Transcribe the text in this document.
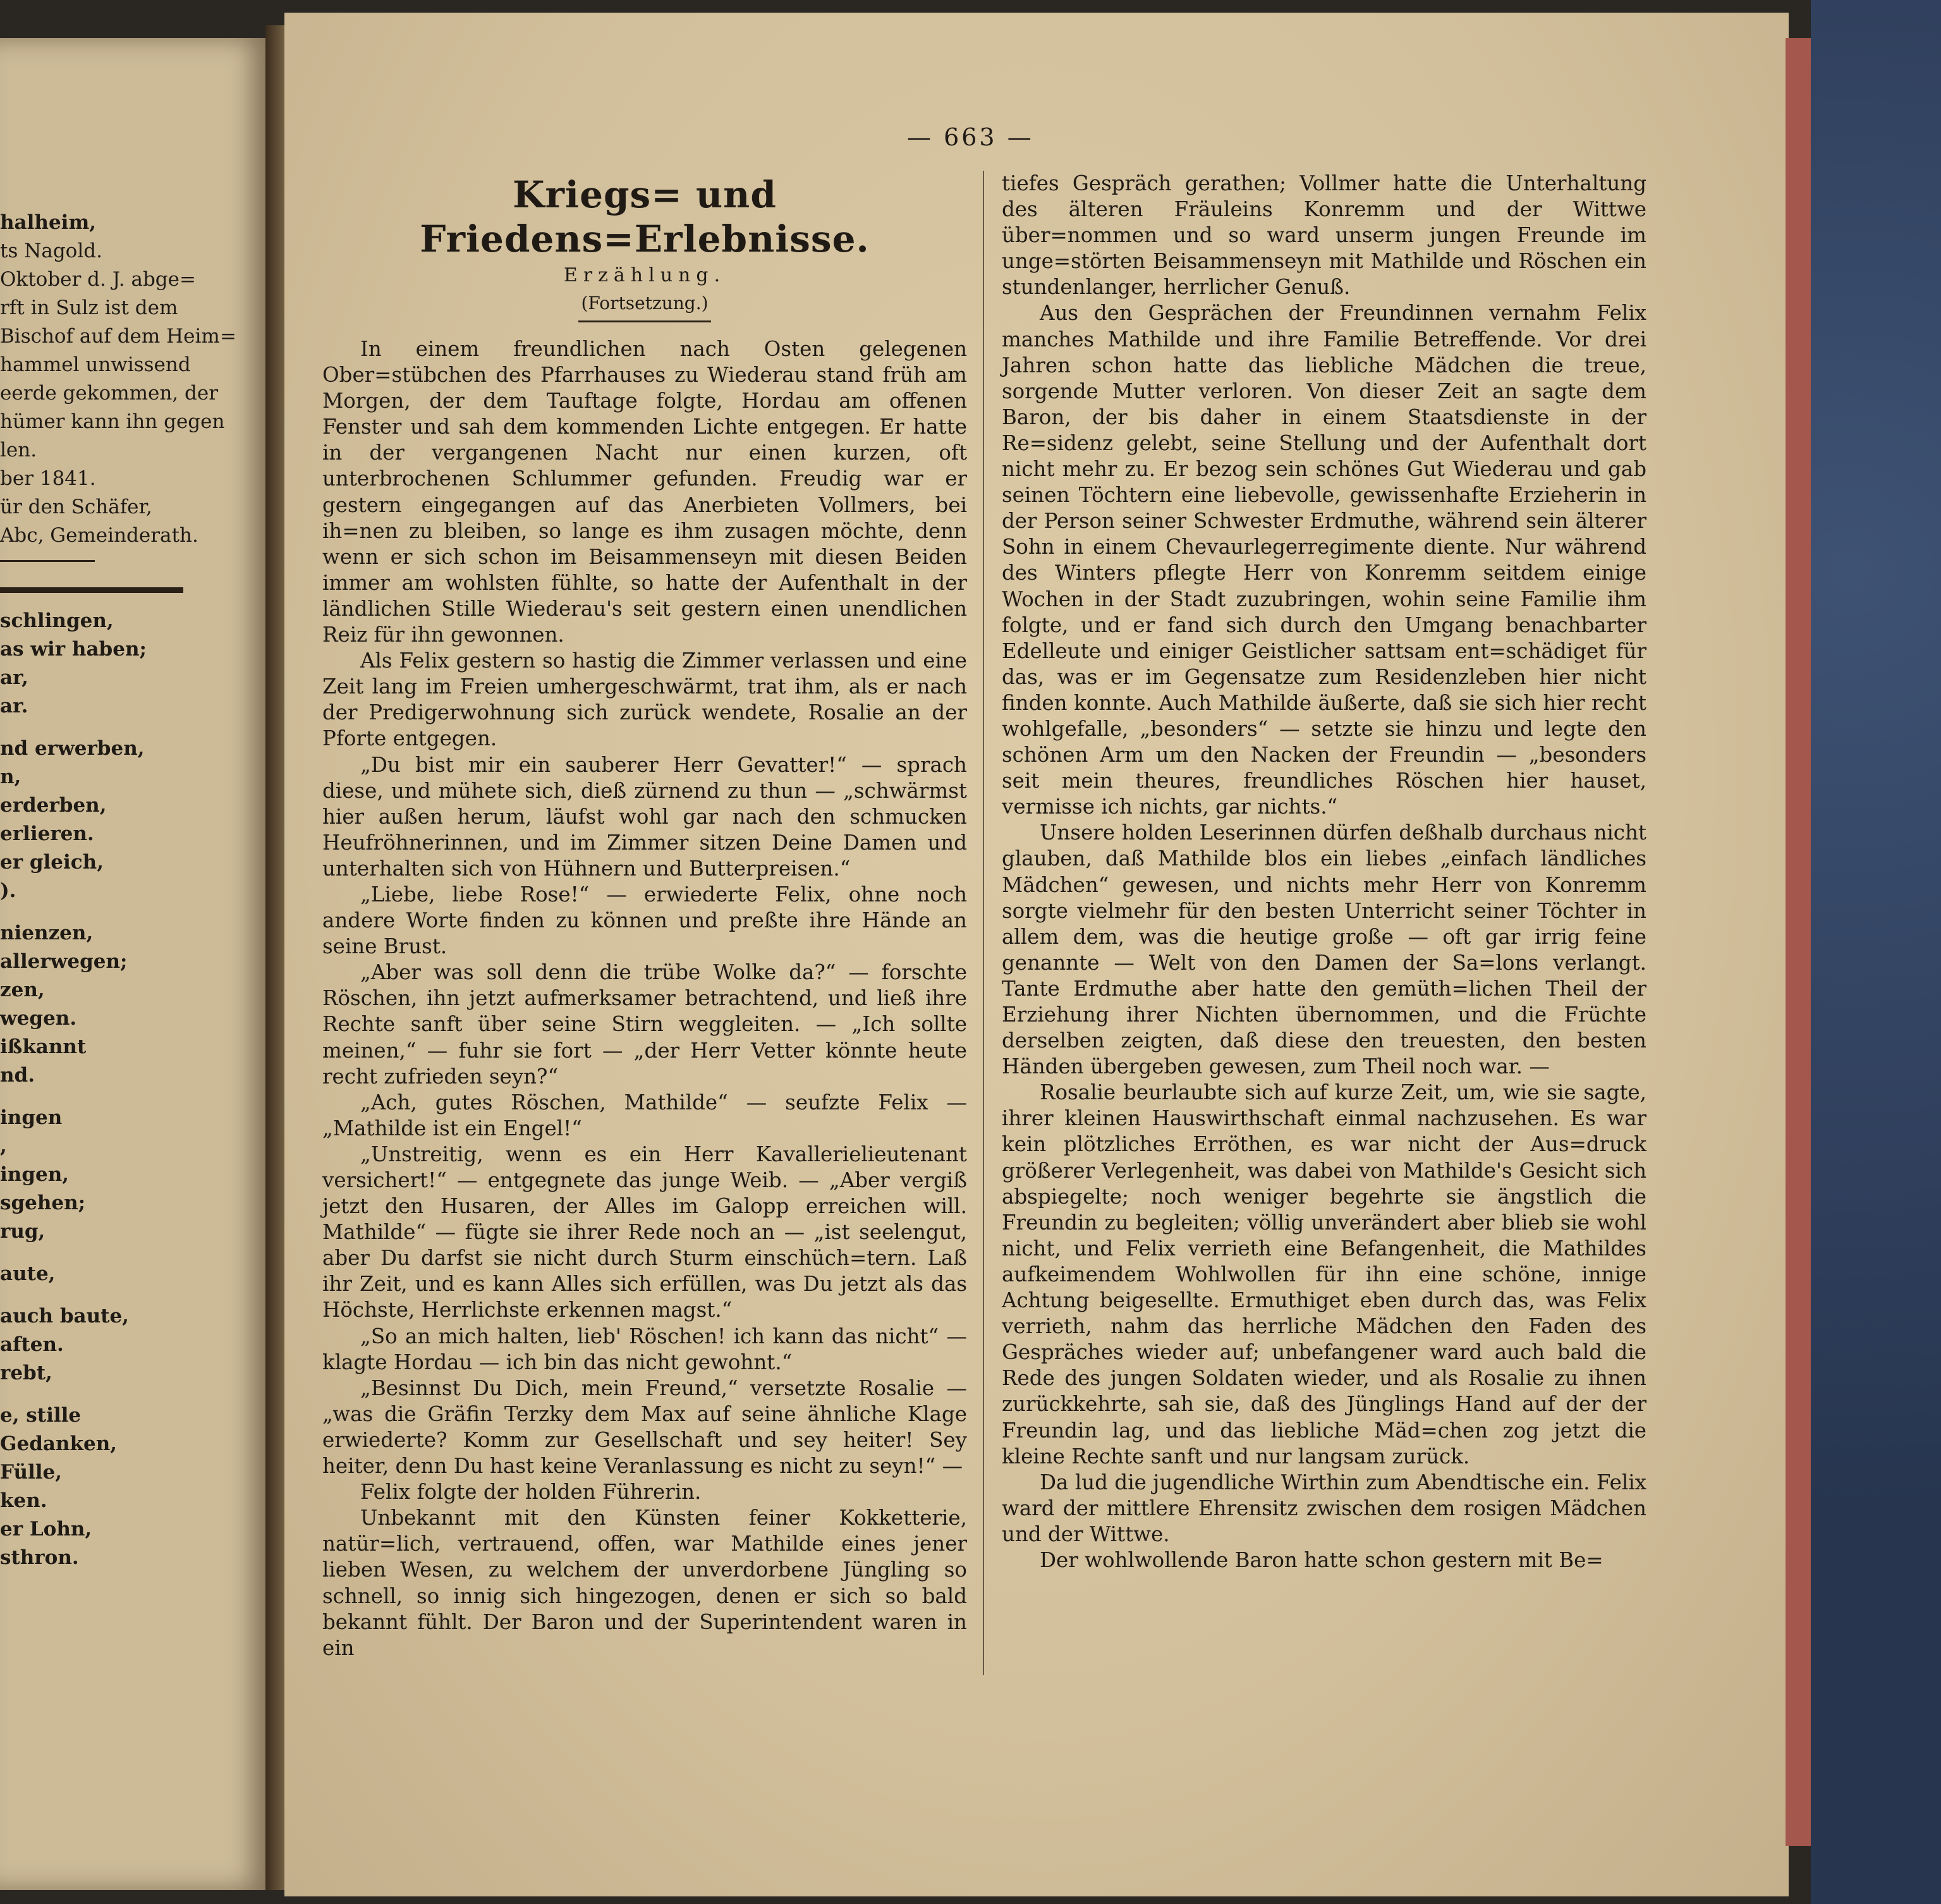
halheim,
ts Nagold.
Oktober d. J. abge=
rft in Sulz ist dem
Bischof auf dem Heim=
hammel unwissend
eerde gekommen, der
hümer kann ihn gegen
len.
ber 1841.
ür den Schäfer,
Abc, Gemeinderath.
schlingen,
as wir haben;
ar,
ar.
nd erwerben,
n,
erderben,
erlieren.
er gleich,
).
nienzen,
allerwegen;
zen,
wegen.
ißkannt
nd.
ingen
,
ingen,
sgehen;
rug,
aute,
auch baute,
aften.
rebt,
e, stille
Gedanken,
Fülle,
ken.
er Lohn,
sthron.
— 663 —
Kriegs= und Friedens=Erlebnisse.
Erzählung.
(Fortsetzung.)

In einem freundlichen nach Osten gelegenen Ober=stübchen des Pfarrhauses zu Wiederau stand früh am Morgen, der dem Tauftage folgte, Hordau am offenen Fenster und sah dem kommenden Lichte entgegen. Er hatte in der vergangenen Nacht nur einen kurzen, oft unterbrochenen Schlummer gefunden. Freudig war er gestern eingegangen auf das Anerbieten Vollmers, bei ih=nen zu bleiben, so lange es ihm zusagen möchte, denn wenn er sich schon im Beisammenseyn mit diesen Beiden immer am wohlsten fühlte, so hatte der Aufenthalt in der ländlichen Stille Wiederau's seit gestern einen unendlichen Reiz für ihn gewonnen.

Als Felix gestern so hastig die Zimmer verlassen und eine Zeit lang im Freien umhergeschwärmt, trat ihm, als er nach der Predigerwohnung sich zurück wendete, Rosalie an der Pforte entgegen.

„Du bist mir ein sauberer Herr Gevatter!“ — sprach diese, und mühete sich, dieß zürnend zu thun — „schwärmst hier außen herum, läufst wohl gar nach den schmucken Heufröhnerinnen, und im Zimmer sitzen Deine Damen und unterhalten sich von Hühnern und Butterpreisen.“

„Liebe, liebe Rose!“ — erwiederte Felix, ohne noch andere Worte finden zu können und preßte ihre Hände an seine Brust.

„Aber was soll denn die trübe Wolke da?“ — forschte Röschen, ihn jetzt aufmerksamer betrachtend, und ließ ihre Rechte sanft über seine Stirn weggleiten. — „Ich sollte meinen,“ — fuhr sie fort — „der Herr Vetter könnte heute recht zufrieden seyn?“

„Ach, gutes Röschen, Mathilde“ — seufzte Felix — „Mathilde ist ein Engel!“

„Unstreitig, wenn es ein Herr Kavallerielieutenant versichert!“ — entgegnete das junge Weib. — „Aber vergiß jetzt den Husaren, der Alles im Galopp erreichen will. Mathilde“ — fügte sie ihrer Rede noch an — „ist seelengut, aber Du darfst sie nicht durch Sturm einschüch=tern. Laß ihr Zeit, und es kann Alles sich erfüllen, was Du jetzt als das Höchste, Herrlichste erkennen magst.“

„So an mich halten, lieb' Röschen! ich kann das nicht“ — klagte Hordau — ich bin das nicht gewohnt.“

„Besinnst Du Dich, mein Freund,“ versetzte Rosalie — „was die Gräfin Terzky dem Max auf seine ähnliche Klage erwiederte? Komm zur Gesellschaft und sey heiter! Sey heiter, denn Du hast keine Veranlassung es nicht zu seyn!“ —

Felix folgte der holden Führerin.

Unbekannt mit den Künsten feiner Kokketterie, natür=lich, vertrauend, offen, war Mathilde eines jener lieben Wesen, zu welchem der unverdorbene Jüngling so schnell, so innig sich hingezogen, denen er sich so bald bekannt fühlt. Der Baron und der Superintendent waren in ein

tiefes Gespräch gerathen; Vollmer hatte die Unterhaltung des älteren Fräuleins Konremm und der Wittwe über=nommen und so ward unserm jungen Freunde im unge=störten Beisammenseyn mit Mathilde und Röschen ein stundenlanger, herrlicher Genuß.

Aus den Gesprächen der Freundinnen vernahm Felix manches Mathilde und ihre Familie Betreffende. Vor drei Jahren schon hatte das liebliche Mädchen die treue, sorgende Mutter verloren. Von dieser Zeit an sagte dem Baron, der bis daher in einem Staatsdienste in der Re=sidenz gelebt, seine Stellung und der Aufenthalt dort nicht mehr zu. Er bezog sein schönes Gut Wiederau und gab seinen Töchtern eine liebevolle, gewissenhafte Erzieherin in der Person seiner Schwester Erdmuthe, während sein älterer Sohn in einem Chevaurlegerregimente diente. Nur während des Winters pflegte Herr von Konremm seitdem einige Wochen in der Stadt zuzubringen, wohin seine Familie ihm folgte, und er fand sich durch den Umgang benachbarter Edelleute und einiger Geistlicher sattsam ent=schädiget für das, was er im Gegensatze zum Residenzleben hier nicht finden konnte. Auch Mathilde äußerte, daß sie sich hier recht wohlgefalle, „besonders“ — setzte sie hinzu und legte den schönen Arm um den Nacken der Freundin — „besonders seit mein theures, freundliches Röschen hier hauset, vermisse ich nichts, gar nichts.“

Unsere holden Leserinnen dürfen deßhalb durchaus nicht glauben, daß Mathilde blos ein liebes „einfach ländliches Mädchen“ gewesen, und nichts mehr Herr von Konremm sorgte vielmehr für den besten Unterricht seiner Töchter in allem dem, was die heutige große — oft gar irrig feine genannte — Welt von den Damen der Sa=lons verlangt. Tante Erdmuthe aber hatte den gemüth=lichen Theil der Erziehung ihrer Nichten übernommen, und die Früchte derselben zeigten, daß diese den treuesten, den besten Händen übergeben gewesen, zum Theil noch war. —

Rosalie beurlaubte sich auf kurze Zeit, um, wie sie sagte, ihrer kleinen Hauswirthschaft einmal nachzusehen. Es war kein plötzliches Erröthen, es war nicht der Aus=druck größerer Verlegenheit, was dabei von Mathilde's Gesicht sich abspiegelte; noch weniger begehrte sie ängstlich die Freundin zu begleiten; völlig unverändert aber blieb sie wohl nicht, und Felix verrieth eine Befangenheit, die Mathildes aufkeimendem Wohlwollen für ihn eine schöne, innige Achtung beigesellte. Ermuthiget eben durch das, was Felix verrieth, nahm das herrliche Mädchen den Faden des Gespräches wieder auf; unbefangener ward auch bald die Rede des jungen Soldaten wieder, und als Rosalie zu ihnen zurückkehrte, sah sie, daß des Jünglings Hand auf der der Freundin lag, und das liebliche Mäd=chen zog jetzt die kleine Rechte sanft und nur langsam zurück.

Da lud die jugendliche Wirthin zum Abendtische ein. Felix ward der mittlere Ehrensitz zwischen dem rosigen Mädchen und der Wittwe.

Der wohlwollende Baron hatte schon gestern mit Be=
